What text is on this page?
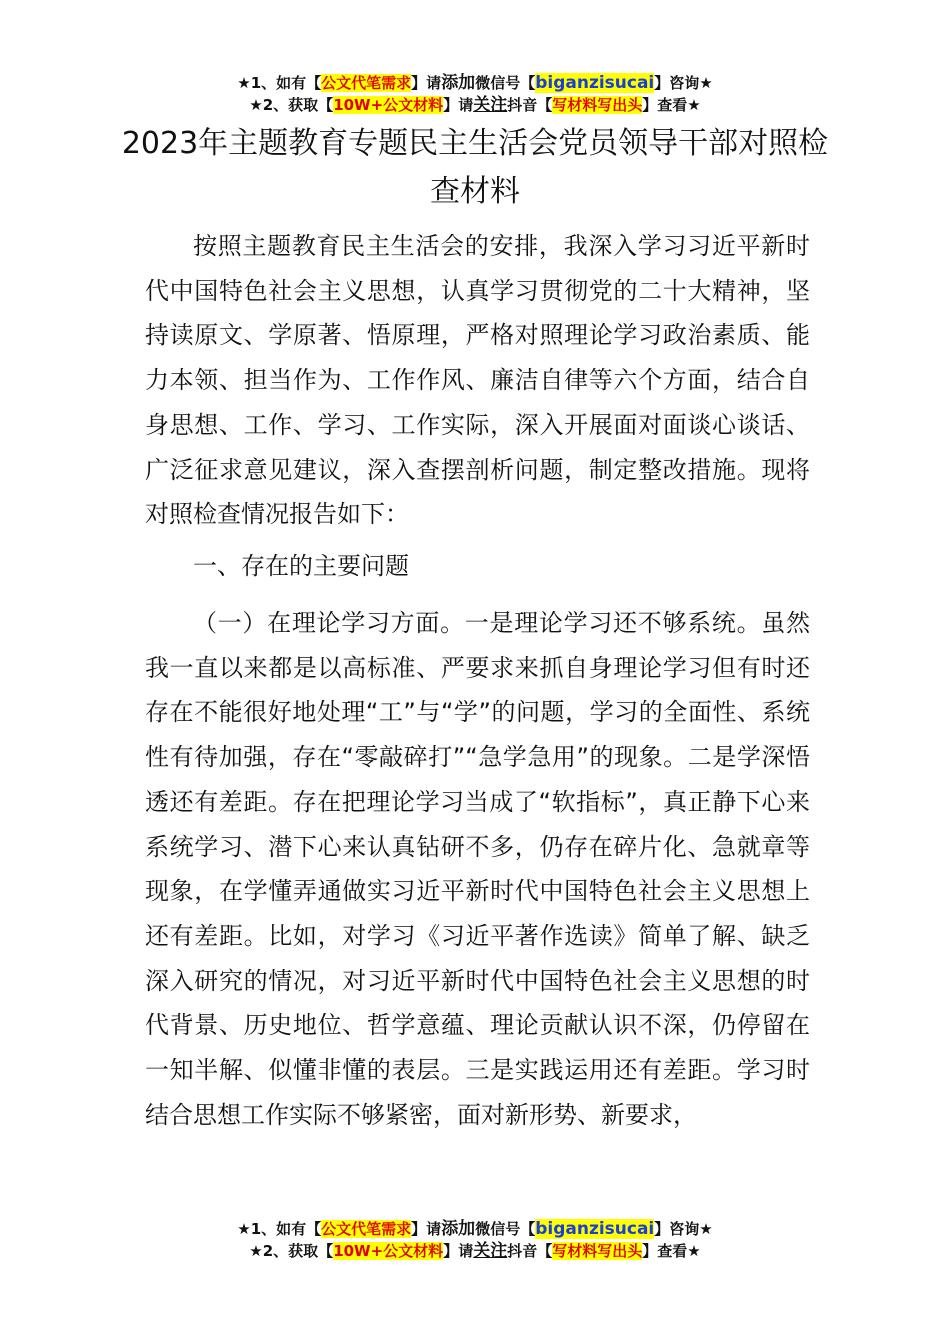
★1、如有【公文代笔需求】请添加微信号【biganzisucai】咨询★
★2、获取【10W+公文材料】请关注抖音【写材料写出头】查看★
2023年主题教育专题民主生活会党员领导干部对照检查材料

按照主题教育民主生活会的安排，我深入学习习近平新时代中国特色社会主义思想，认真学习贯彻党的二十大精神，坚持读原文、学原著、悟原理，严格对照理论学习政治素质、能力本领、担当作为、工作作风、廉洁自律等六个方面，结合自身思想、工作、学习、工作实际，深入开展面对面谈心谈话、广泛征求意见建议，深入查摆剖析问题，制定整改措施。现将对照检查情况报告如下：

一、存在的主要问题

（一）在理论学习方面。一是理论学习还不够系统。虽然我一直以来都是以高标准、严要求来抓自身理论学习但有时还存在不能很好地处理“工”与“学”的问题，学习的全面性、系统性有待加强，存在“零敲碎打”“急学急用”的现象。二是学深悟透还有差距。存在把理论学习当成了“软指标”，真正静下心来系统学习、潜下心来认真钻研不多，仍存在碎片化、急就章等现象，在学懂弄通做实习近平新时代中国特色社会主义思想上还有差距。比如，对学习《习近平著作选读》简单了解、缺乏深入研究的情况，对习近平新时代中国特色社会主义思想的时代背景、历史地位、哲学意蕴、理论贡献认识不深，仍停留在一知半解、似懂非懂的表层。三是实践运用还有差距。学习时结合思想工作实际不够紧密，面对新形势、新要求，

★1、如有【公文代笔需求】请添加微信号【biganzisucai】咨询★
★2、获取【10W+公文材料】请关注抖音【写材料写出头】查看★
